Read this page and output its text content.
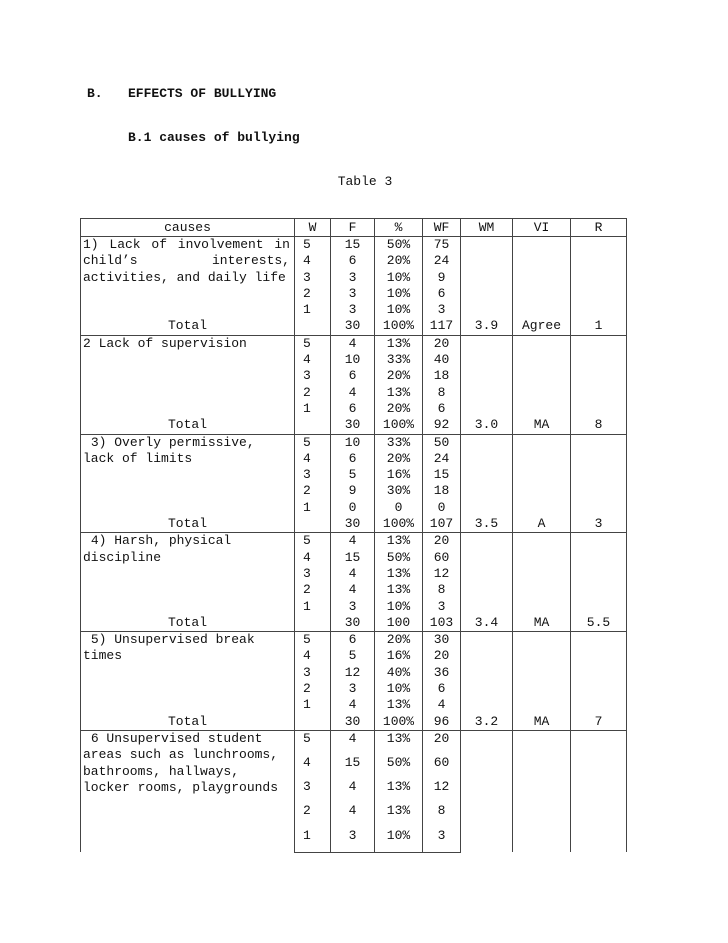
B. EFFECTS OF BULLYING
B.1 causes of bullying
Table 3
causes	W	F	%	WF	WM	VI	R
1) Lack of involvement in child’s interests, activities, and daily life	5	15	50%	75			
	4	6	20%	24			
	3	3	10%	9			
	2	3	10%	6			
	1	3	10%	3			
Total		30	100%	117	3.9	Agree	1
2 Lack of supervision	5	4	13%	20			
	4	10	33%	40			
	3	6	20%	18			
	2	4	13%	8			
	1	6	20%	6			
Total		30	100%	92	3.0	MA	8
3) Overly permissive, lack of limits	5	10	33%	50			
	4	6	20%	24			
	3	5	16%	15			
	2	9	30%	18			
	1	0	0	0			
Total		30	100%	107	3.5	A	3
4) Harsh, physical discipline	5	4	13%	20			
	4	15	50%	60			
	3	4	13%	12			
	2	4	13%	8			
	1	3	10%	3			
Total		30	100	103	3.4	MA	5.5
5) Unsupervised break times	5	6	20%	30			
	4	5	16%	20			
	3	12	40%	36			
	2	3	10%	6			
	1	4	13%	4			
Total		30	100%	96	3.2	MA	7
6 Unsupervised student areas such as lunchrooms, bathrooms, hallways, locker rooms, playgrounds	5	4	13%	20			
	4	15	50%	60			
	3	4	13%	12			
	2	4	13%	8			
	1	3	10%	3			
